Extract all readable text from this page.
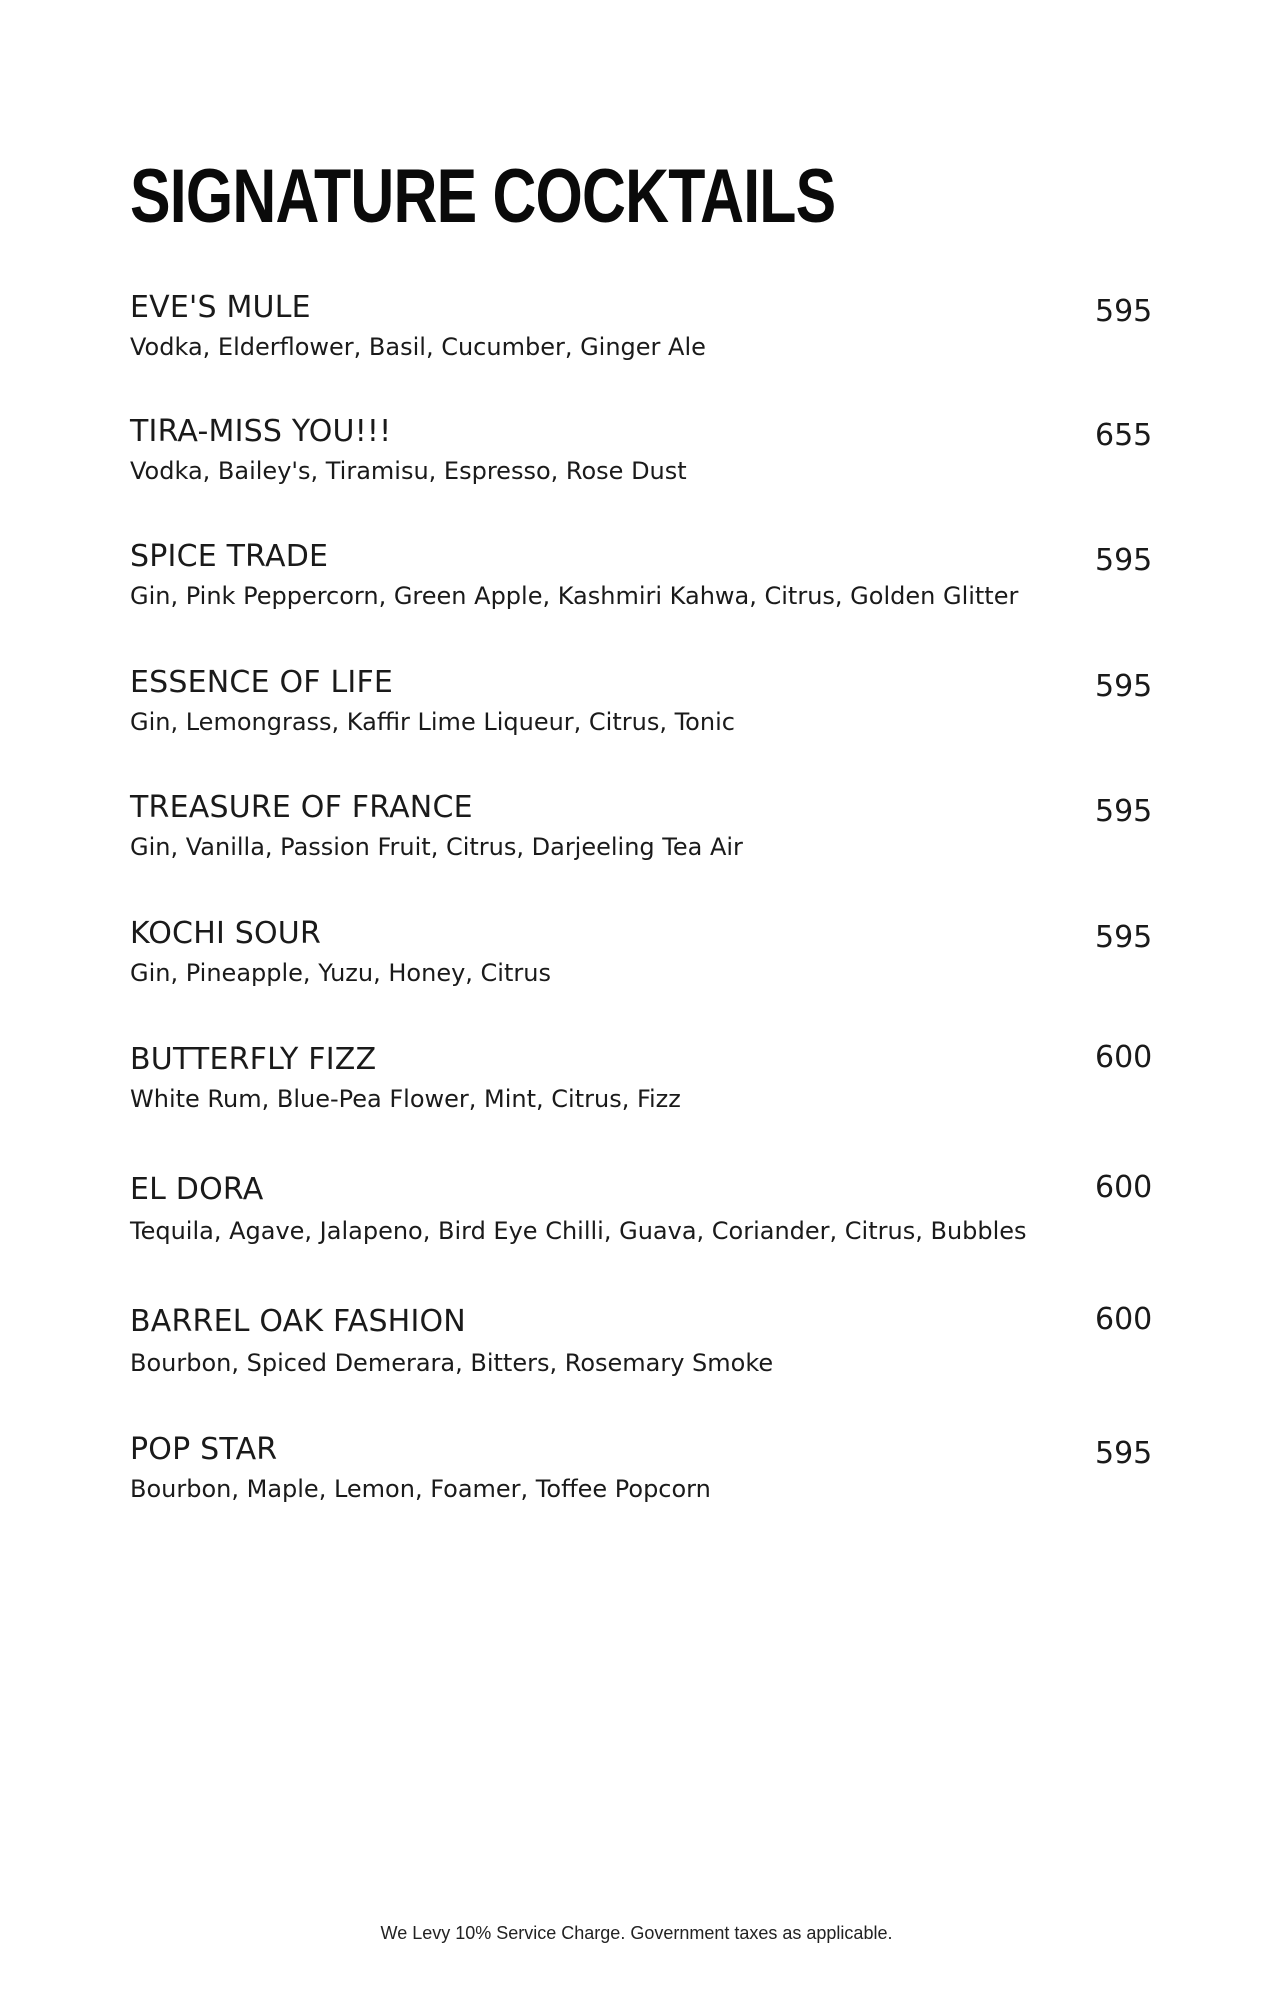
SIGNATURE COCKTAILS
EVE'S MULE
Vodka, Elderflower, Basil, Cucumber, Ginger Ale
595
TIRA-MISS YOU!!!
Vodka, Bailey's, Tiramisu, Espresso, Rose Dust
655
SPICE TRADE
Gin, Pink Peppercorn, Green Apple, Kashmiri Kahwa, Citrus, Golden Glitter
595
ESSENCE OF LIFE
Gin, Lemongrass, Kaffir Lime Liqueur, Citrus, Tonic
595
TREASURE OF FRANCE
Gin, Vanilla, Passion Fruit, Citrus, Darjeeling Tea Air
595
KOCHI SOUR
Gin, Pineapple, Yuzu, Honey, Citrus
595
BUTTERFLY FIZZ
White Rum, Blue-Pea Flower, Mint, Citrus, Fizz
600
EL DORA
Tequila, Agave, Jalapeno, Bird Eye Chilli, Guava, Coriander, Citrus, Bubbles
600
BARREL OAK FASHION
Bourbon, Spiced Demerara, Bitters, Rosemary Smoke
600
POP STAR
Bourbon, Maple, Lemon, Foamer, Toffee Popcorn
595
We Levy 10% Service Charge. Government taxes as applicable.
